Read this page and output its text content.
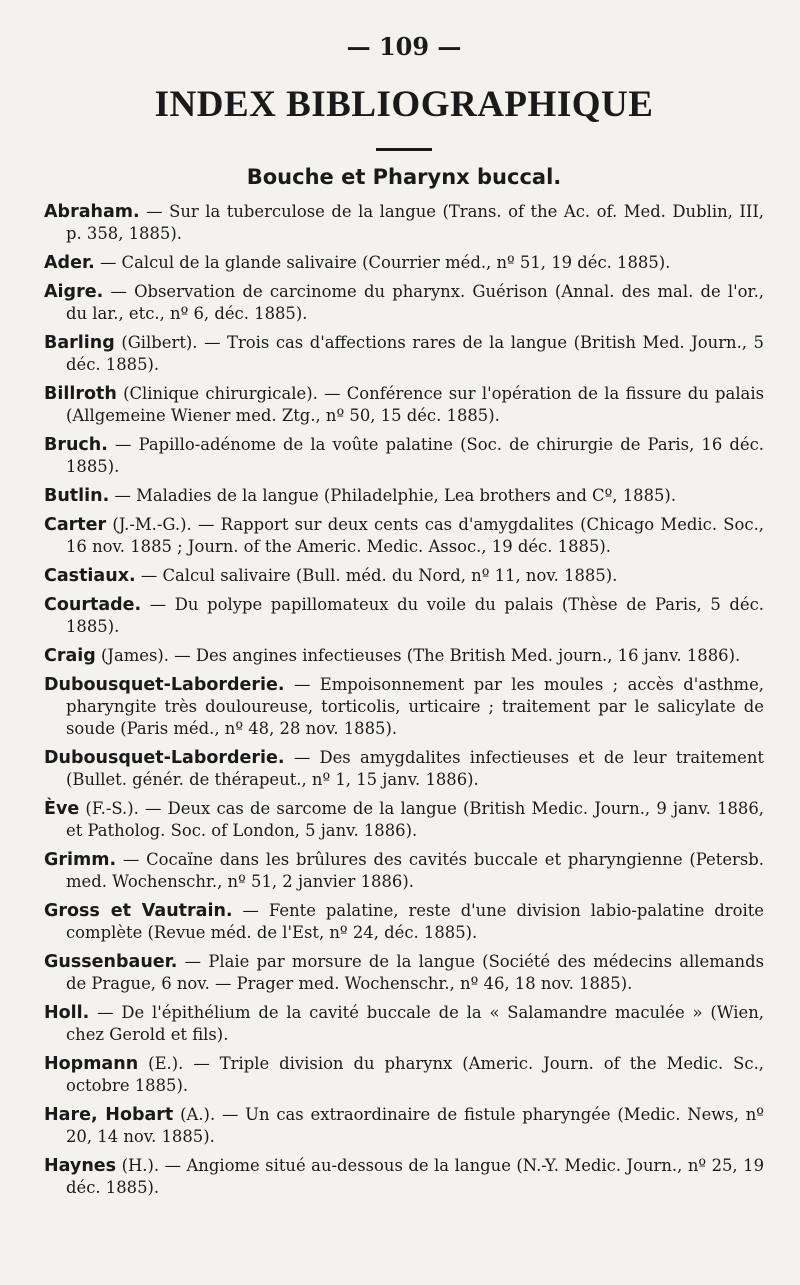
— 109 —
INDEX BIBLIOGRAPHIQUE
Bouche et Pharynx buccal.

Abraham. — Sur la tuberculose de la langue (Trans. of the Ac. of. Med. Dublin, III, p. 358, 1885).

Ader. — Calcul de la glande salivaire (Courrier méd., nº 51, 19 déc. 1885).

Aigre. — Observation de carcinome du pharynx. Guérison (Annal. des mal. de l'or., du lar., etc., nº 6, déc. 1885).

Barling (Gilbert). — Trois cas d'affections rares de la langue (British Med. Journ., 5 déc. 1885).

Billroth (Clinique chirurgicale). — Conférence sur l'opération de la fissure du palais (Allgemeine Wiener med. Ztg., nº 50, 15 déc. 1885).

Bruch. — Papillo-adénome de la voûte palatine (Soc. de chirurgie de Paris, 16 déc. 1885).

Butlin. — Maladies de la langue (Philadelphie, Lea brothers and Cº, 1885).

Carter (J.-M.-G.). — Rapport sur deux cents cas d'amygdalites (Chicago Medic. Soc., 16 nov. 1885 ; Journ. of the Americ. Medic. Assoc., 19 déc. 1885).

Castiaux. — Calcul salivaire (Bull. méd. du Nord, nº 11, nov. 1885).

Courtade. — Du polype papillomateux du voile du palais (Thèse de Paris, 5 déc. 1885).

Craig (James). — Des angines infectieuses (The British Med. journ., 16 janv. 1886).

Dubousquet-Laborderie. — Empoisonnement par les moules ; accès d'asthme, pharyngite très douloureuse, torticolis, urticaire ; traitement par le salicylate de soude (Paris méd., nº 48, 28 nov. 1885).

Dubousquet-Laborderie. — Des amygdalites infectieuses et de leur traitement (Bullet. génér. de thérapeut., nº 1, 15 janv. 1886).

Ève (F.-S.). — Deux cas de sarcome de la langue (British Medic. Journ., 9 janv. 1886, et Patholog. Soc. of London, 5 janv. 1886).

Grimm. — Cocaïne dans les brûlures des cavités buccale et pharyngienne (Petersb. med. Wochenschr., nº 51, 2 janvier 1886).

Gross et Vautrain. — Fente palatine, reste d'une division labio-palatine droite complète (Revue méd. de l'Est, nº 24, déc. 1885).

Gussenbauer. — Plaie par morsure de la langue (Société des médecins allemands de Prague, 6 nov. — Prager med. Wochenschr., nº 46, 18 nov. 1885).

Holl. — De l'épithélium de la cavité buccale de la « Salamandre maculée » (Wien, chez Gerold et fils).

Hopmann (E.). — Triple division du pharynx (Americ. Journ. of the Medic. Sc., octobre 1885).

Hare, Hobart (A.). — Un cas extraordinaire de fistule pharyngée (Medic. News, nº 20, 14 nov. 1885).

Haynes (H.). — Angiome situé au-dessous de la langue (N.-Y. Medic. Journ., nº 25, 19 déc. 1885).
